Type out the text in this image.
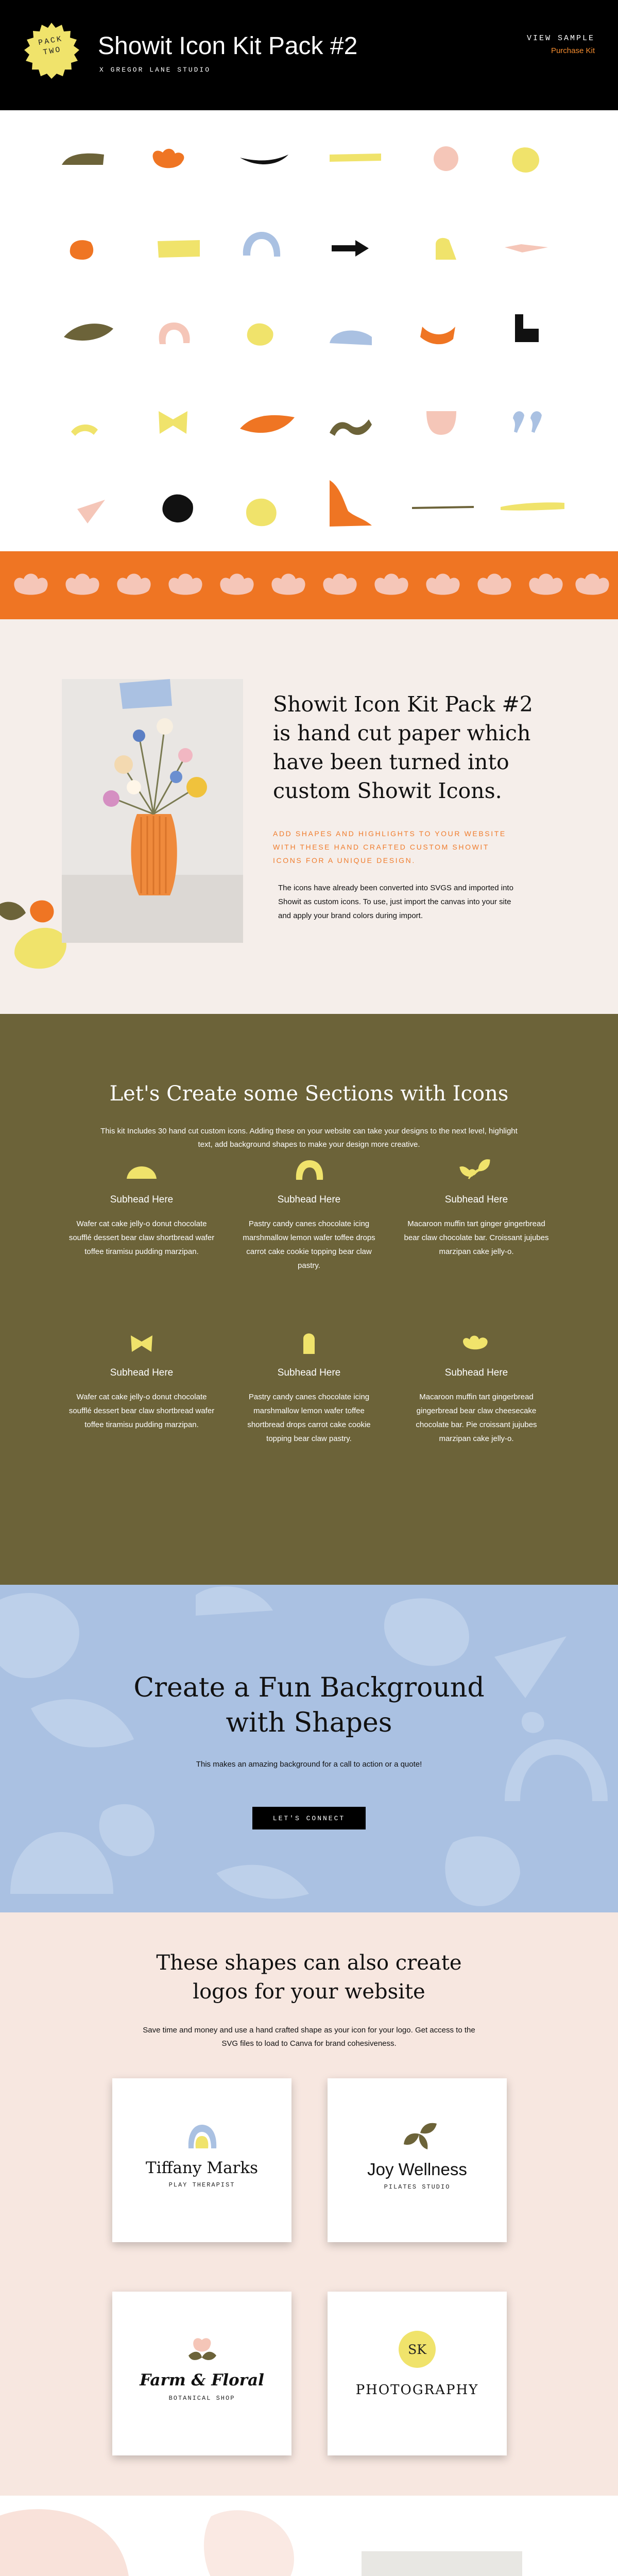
PACK
TWO	Showit Icon Kit Pack #2
X GREGOR LANE STUDIO
VIEW SAMPLE
Purchase Kit
Showit Icon Kit Pack #2
is hand cut paper which
have been turned into
custom Showit Icons.
ADD SHAPES AND HIGHLIGHTS TO YOUR WEBSITE WITH THESE HAND CRAFTED CUSTOM SHOWIT ICONS FOR A UNIQUE DESIGN.
The icons have already been converted into SVGS and imported into Showit as custom icons. To use, just import the canvas into your site and apply your brand colors during import.
Let's Create some Sections with Icons
This kit Includes 30 hand cut custom icons. Adding these on your website can take your designs to the next level, highlight text, add background shapes to make your design more creative.
Subhead Here
Wafer cat cake jelly-o donut chocolate soufflé dessert bear claw shortbread wafer toffee tiramisu pudding marzipan.
Subhead Here
Pastry candy canes chocolate icing marshmallow lemon wafer toffee drops carrot cake cookie topping bear claw pastry.
Subhead Here
Macaroon muffin tart ginger gingerbread bear claw chocolate bar. Croissant jujubes marzipan cake jelly-o.
Subhead Here
Wafer cat cake jelly-o donut chocolate soufflé dessert bear claw shortbread wafer toffee tiramisu pudding marzipan.
Subhead Here
Pastry candy canes chocolate icing marshmallow lemon wafer toffee shortbread drops carrot cake cookie topping bear claw pastry.
Subhead Here
Macaroon muffin tart gingerbread gingerbread bear claw cheesecake chocolate bar. Pie croissant jujubes marzipan cake jelly-o.
Create a Fun Background
with Shapes
This makes an amazing background for a call to action or a quote!
LET'S CONNECT
These shapes can also create
logos for your website
Save time and money and use a hand crafted shape as your icon for your logo. Get access to the SVG files to load to Canva for brand cohesiveness.
Tiffany Marks
PLAY THERAPIST
Joy Wellness
PILATES STUDIO
Farm & Floral
BOTANICAL SHOP
SK
PHOTOGRAPHY
